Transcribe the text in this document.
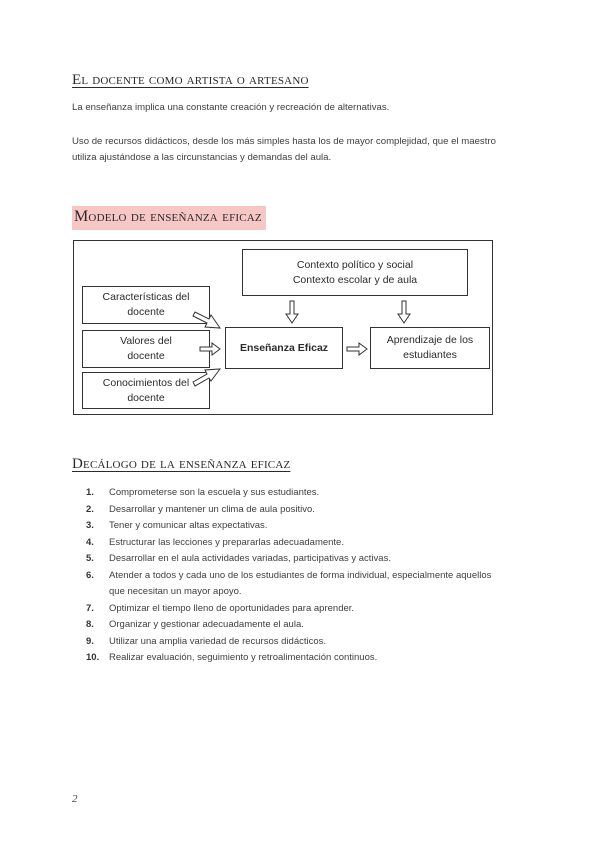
El docente como artista o artesano
La enseñanza implica una constante creación y recreación de alternativas.
Uso de recursos didácticos, desde los más simples hasta los de mayor complejidad, que el maestro utiliza ajustándose a las circunstancias y demandas del aula.
Modelo de enseñanza eficaz
Contexto político y social
Contexto escolar y de aula
Características del docente
Valores del docente
Conocimientos del docente
Enseñanza Eficaz
Aprendizaje de los estudiantes
Decálogo de la enseñanza eficaz
1.	Comprometerse son la escuela y sus estudiantes.
2.	Desarrollar y mantener un clima de aula positivo.
3.	Tener y comunicar altas expectativas.
4.	Estructurar las lecciones y prepararlas adecuadamente.
5.	Desarrollar en el aula actividades variadas, participativas y activas.
6.	Atender a todos y cada uno de los estudiantes de forma individual, especialmente aquellos que necesitan un mayor apoyo.
7.	Optimizar el tiempo lleno de oportunidades para aprender.
8.	Organizar y gestionar adecuadamente el aula.
9.	Utilizar una amplia variedad de recursos didácticos.
10.	Realizar evaluación, seguimiento y retroalimentación continuos.
2
